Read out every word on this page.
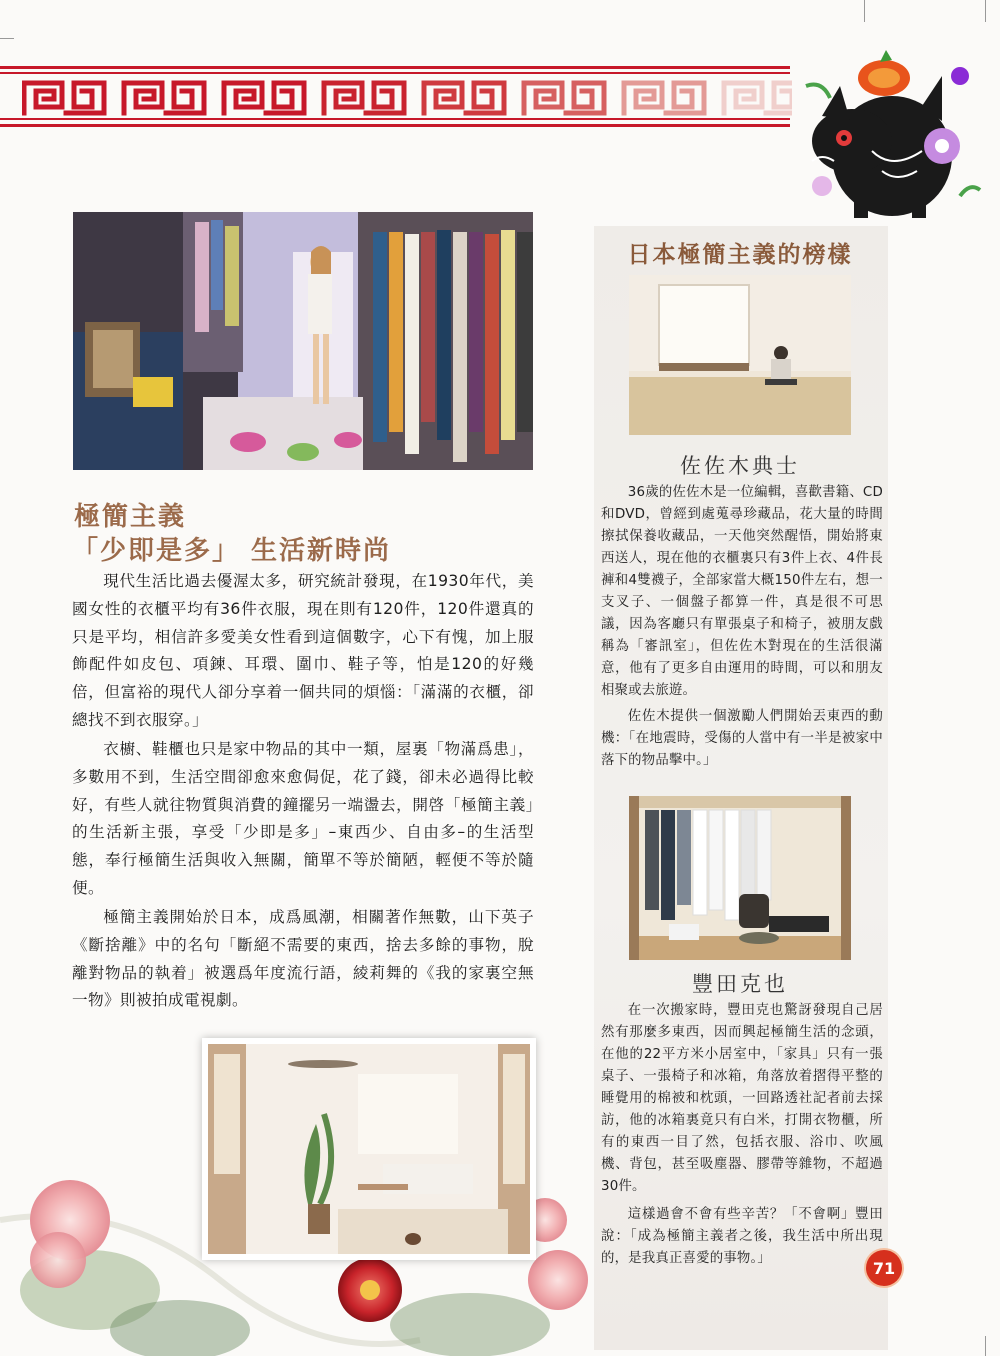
極簡主義
「少即是多」 生活新時尚

現代生活比過去優渥太多，研究統計發現，在1930年代，美國女性的衣櫃平均有36件衣服，現在則有120件，120件還真的只是平均，相信許多愛美女性看到這個數字，心下有愧，加上服飾配件如皮包、項鍊、耳環、圍巾、鞋子等，怕是120的好幾倍，但富裕的現代人卻分享着一個共同的煩惱：「滿滿的衣櫃，卻總找不到衣服穿。」

衣櫥、鞋櫃也只是家中物品的其中一類，屋裏「物滿爲患」，多數用不到，生活空間卻愈來愈侷促，花了錢，卻未必過得比較好，有些人就往物質與消費的鐘擺另一端盪去，開啓「極簡主義」的生活新主張，享受「少即是多」–東西少、自由多–的生活型態，奉行極簡生活與收入無關，簡單不等於簡陋，輕便不等於隨便。

極簡主義開始於日本，成爲風潮，相關著作無數，山下英子《斷捨離》中的名句「斷絕不需要的東西，捨去多餘的事物，脫離對物品的執着」被選爲年度流行語，綾莉舞的《我的家裏空無一物》則被拍成電視劇。

日本極簡主義的榜樣
佐佐木典士

36歲的佐佐木是一位編輯，喜歡書籍、CD和DVD，曾經到處蒐尋珍藏品，花大量的時間擦拭保養收藏品，一天他突然醒悟，開始將東西送人，現在他的衣櫃裏只有3件上衣、4件長褲和4雙襪子，全部家當大概150件左右，想一支叉子、一個盤子都算一件，真是很不可思議，因為客廳只有單張桌子和椅子，被朋友戲稱為「審訊室」，但佐佐木對現在的生活很滿意，他有了更多自由運用的時間，可以和朋友相聚或去旅遊。

佐佐木提供一個激勵人們開始丟東西的動機：「在地震時，受傷的人當中有一半是被家中落下的物品擊中。」

豐田克也

在一次搬家時，豐田克也驚訝發現自己居然有那麼多東西，因而興起極簡生活的念頭，在他的22平方米小居室中，「家具」只有一張桌子、一張椅子和冰箱，角落放着摺得平整的睡覺用的棉被和枕頭，一回路透社記者前去採訪，他的冰箱裏竟只有白米，打開衣物櫃，所有的東西一目了然，包括衣服、浴巾、吹風機、背包，甚至吸塵器、膠帶等雜物，不超過30件。

這樣過會不會有些辛苦？「不會啊」豐田說：「成為極簡主義者之後，我生活中所出現的，是我真正喜愛的事物。」	71
